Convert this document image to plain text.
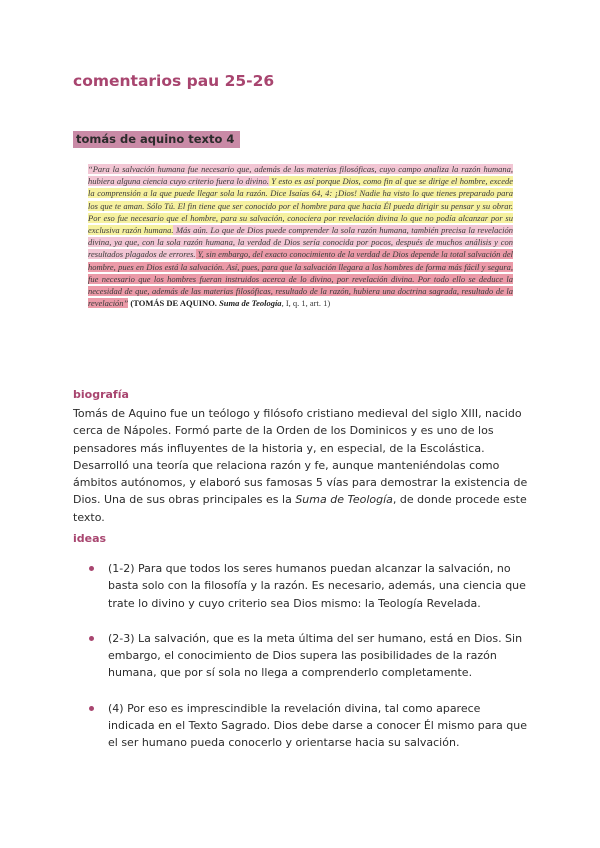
comentarios pau 25-26
tomás de aquino texto 4
“Para la salvación humana fue necesario que, además de las materias filosóficas, cuyo campo analiza la razón humana, hubiera alguna ciencia cuyo criterio fuera lo divino. Y esto es así porque Dios, como fin al que se dirige el hombre, excede la comprensión a la que puede llegar sola la razón. Dice Isaías 64, 4: ¡Dios! Nadie ha visto lo que tienes preparado para los que te aman. Sólo Tú. El fin tiene que ser conocido por el hombre para que hacia Él pueda dirigir su pensar y su obrar. Por eso fue necesario que el hombre, para su salvación, conociera por revelación divina lo que no podía alcanzar por su exclusiva razón humana. Más aún. Lo que de Dios puede comprender la sola razón humana, también precisa la revelación divina, ya que, con la sola razón humana, la verdad de Dios sería conocida por pocos, después de muchos análisis y con resultados plagados de errores. Y, sin embargo, del exacto conocimiento de la verdad de Dios depende la total salvación del hombre, pues en Dios está la salvación. Así, pues, para que la salvación llegara a los hombres de forma más fácil y segura, fue necesario que los hombres fueran instruidos acerca de lo divino, por revelación divina. Por todo ello se deduce la necesidad de que, además de las materias filosóficas, resultado de la razón, hubiera una doctrina sagrada, resultado de la revelación” (TOMÁS DE AQUINO. Suma de Teología, I, q. 1, art. 1)
biografía

Tomás de Aquino fue un teólogo y filósofo cristiano medieval del siglo XIII, nacido cerca de Nápoles. Formó parte de la Orden de los Dominicos y es uno de los pensadores más influyentes de la historia y, en especial, de la Escolástica. Desarrolló una teoría que relaciona razón y fe, aunque manteniéndolas como ámbitos autónomos, y elaboró sus famosas 5 vías para demostrar la existencia de Dios. Una de sus obras principales es la Suma de Teología, de donde procede este texto.

ideas
(1-2) Para que todos los seres humanos puedan alcanzar la salvación, no basta solo con la filosofía y la razón. Es necesario, además, una ciencia que trate lo divino y cuyo criterio sea Dios mismo: la Teología Revelada.
(2-3) La salvación, que es la meta última del ser humano, está en Dios. Sin embargo, el conocimiento de Dios supera las posibilidades de la razón humana, que por sí sola no llega a comprenderlo completamente.
(4) Por eso es imprescindible la revelación divina, tal como aparece indicada en el Texto Sagrado. Dios debe darse a conocer Él mismo para que el ser humano pueda conocerlo y orientarse hacia su salvación.
